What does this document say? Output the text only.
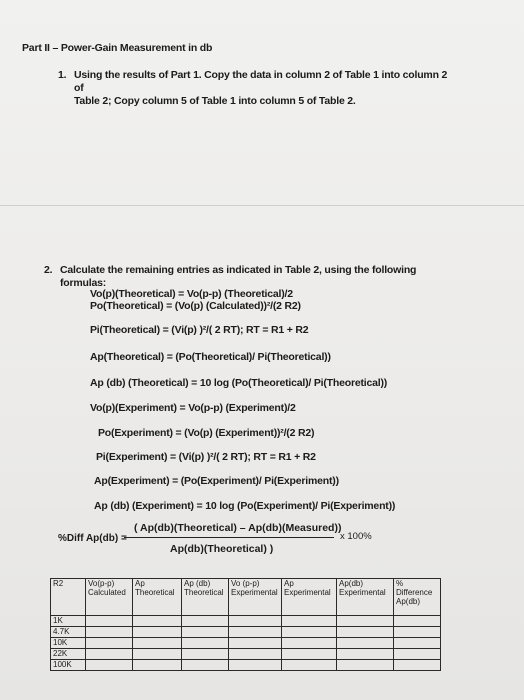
Part II – Power-Gain Measurement in db
1. Using the results of Part 1. Copy the data in column 2 of Table 1 into column 2 of
Table 2; Copy column 5 of Table 1 into column 5 of Table 2.
2. Calculate the remaining entries as indicated in Table 2, using the following formulas:
Vo(p)(Theoretical) = Vo(p-p) (Theoretical)/2
Po(Theoretical) = (Vo(p) (Calculated))²/(2 R2)
Pi(Theoretical) = (Vi(p) )²/( 2 RT); RT = R1 + R2
Ap(Theoretical) = (Po(Theoretical)/ Pi(Theoretical))
Ap (db) (Theoretical) = 10 log (Po(Theoretical)/ Pi(Theoretical))
Vo(p)(Experiment) = Vo(p-p) (Experiment)/2
Po(Experiment) = (Vo(p) (Experiment))²/(2 R2)
Pi(Experiment) = (Vi(p) )²/( 2 RT); RT = R1 + R2
Ap(Experiment) = (Po(Experiment)/ Pi(Experiment))
Ap (db) (Experiment) = 10 log (Po(Experiment)/ Pi(Experiment))
%Diff Ap(db) =
( Ap(db)(Theoretical) – Ap(db)(Measured))
Ap(db)(Theoretical) )
x 100%
R2	Vo(p-p) Calculated	Ap Theoretical	Ap (db) Theoretical	Vo (p-p) Experimental	Ap Experimental	Ap(db) Experimental	% Difference Ap(db)
1K							
4.7K							
10K							
22K							
100K							
